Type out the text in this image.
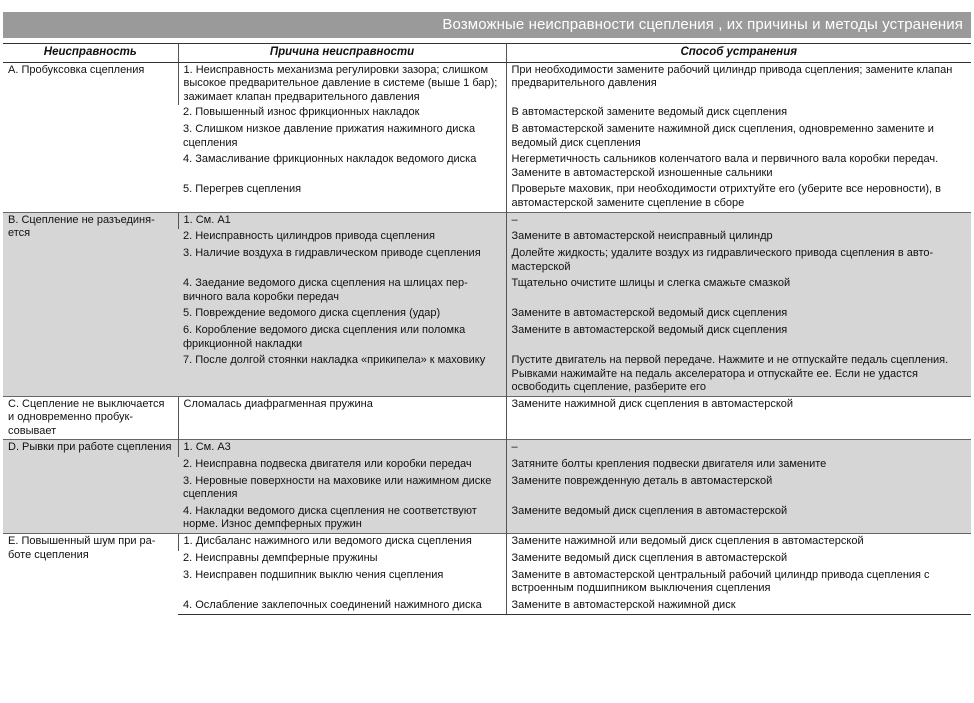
Возможные неисправности сцепления , их причины и методы устранения
Неисправность	Причина неисправности	Способ устранения
А. Пробуксовка сцепления	1. Неисправность механизма регулировки зазора; слишком высокое предварительное давление в системе (выше 1 бар); зажимает клапан предварительного давления	При необходимости замените рабочий цилиндр привода сцепления; замените клапан предварительного давления
	2. Повышенный износ фрикционных накладок	В автомастерской замените ведомый диск сцепления
	3. Слишком низкое давление прижатия нажимного диска сцепления	В автомастерской замените нажимной диск сцепления, одновременно замените и ведомый диск сцепления
	4. Замасливание фрикционных накладок ведомого диска	Негерметичность сальников коленчатого вала и первичного вала коробки передач. Замените в автомастерской изношенные сальники
	5. Перегрев сцепления	Проверьте маховик, при необходимости отрихтуйте его (уберите все неровности), в автомастерской замените сцепление в сборе
В. Сцепление не разъединяется	1. См. А1	–
	2. Неисправность цилиндров привода сцепления	Замените в автомастерской неисправный цилиндр
	3. Наличие воздуха в гидравлическом приводе сцепления	Долейте жидкость; удалите воздух из гидравлического привода сцепления в автомастерской
	4. Заедание ведомого диска сцепления на шлицах первичного вала коробки передач	Тщательно очистите шлицы и слегка смажьте смазкой
	5. Повреждение ведомого диска сцепления (удар)	Замените в автомастерской ведомый диск сцепления
	6. Коробление ведомого диска сцепления или поломка фрикционной накладки	Замените в автомастерской ведомый диск сцепления
	7. После долгой стоянки накладка «прикипела» к маховику	Пустите двигатель на первой передаче. Нажмите и не отпускайте педаль сцепления. Рывками нажимайте на педаль акселератора и отпускайте ее. Если не удастся освободить сцепление, разберите его
С. Сцепление не выключается и одновременно пробуксовывает	Сломалась диафрагменная пружина	Замените нажимной диск сцепления в автомастерской
D. Рывки при работе сцепления	1. См. А3	–
	2. Неисправна подвеска двигателя или коробки передач	Затяните болты крепления подвески двигателя или замените
	3. Неровные поверхности на маховике или нажимном диске сцепления	Замените поврежденную деталь в автомастерской
	4. Накладки ведомого диска сцепления не соответствуют норме. Износ демпферных пружин	Замените ведомый диск сцепления в автомастерской
Е. Повышенный шум при работе сцепления	1. Дисбаланс нажимного или ведомого диска сцепления	Замените нажимной или ведомый диск сцепления в автомастерской
	2. Неисправны демпферные пружины	Замените ведомый диск сцепления в автомастерской
	3. Неисправен подшипник выклю чения сцепления	Замените в автомастерской центральный рабочий цилиндр привода сцепления с встроенным подшипником выключения сцепления
	4. Ослабление заклепочных соединений нажимного диска	Замените в автомастерской нажимной диск
